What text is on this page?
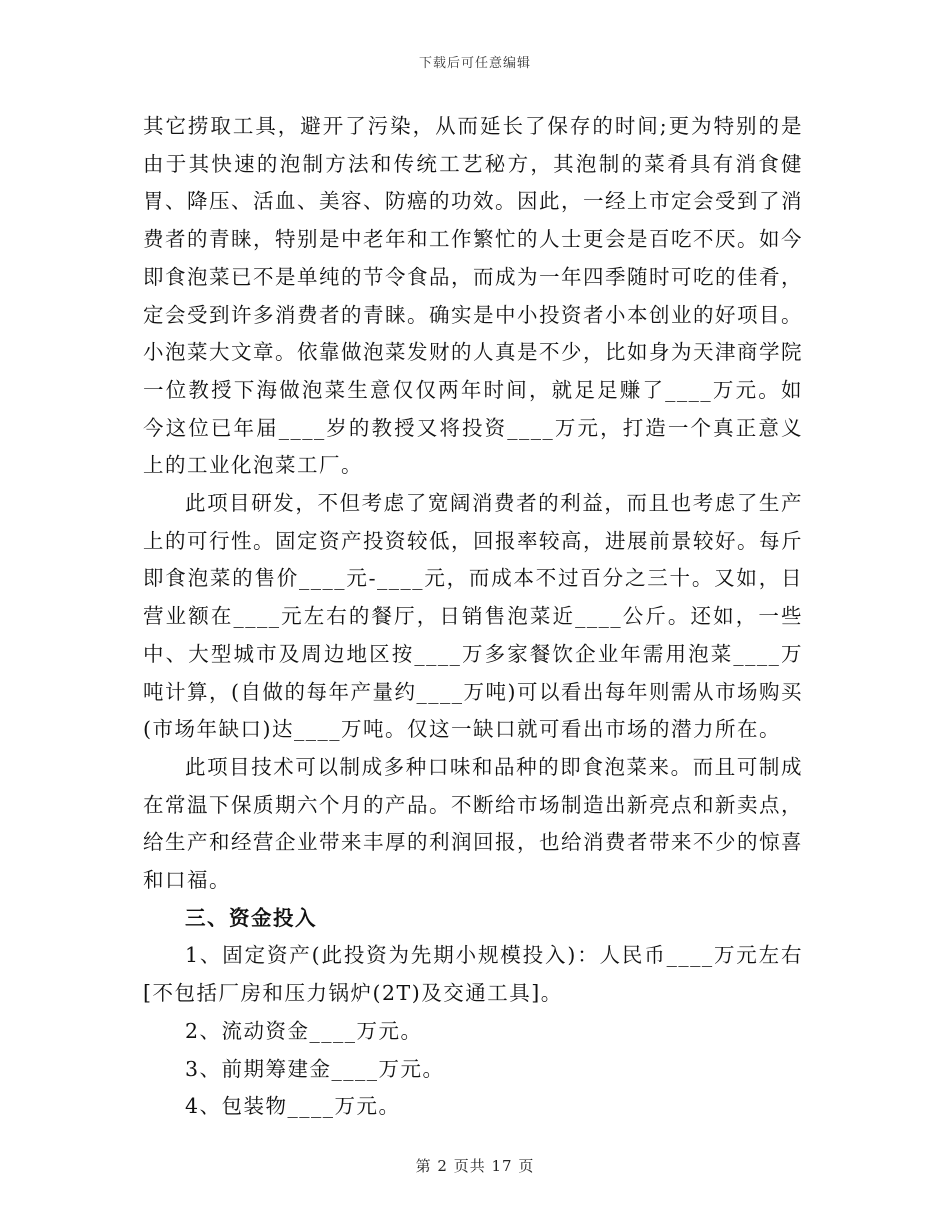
下载后可任意编辑

其它捞取工具，避开了污染，从而延长了保存的时间;更为特别的是由于其快速的泡制方法和传统工艺秘方，其泡制的菜肴具有消食健胃、降压、活血、美容、防癌的功效。因此，一经上市定会受到了消费者的青睐，特别是中老年和工作繁忙的人士更会是百吃不厌。如今即食泡菜已不是单纯的节令食品，而成为一年四季随时可吃的佳肴，定会受到许多消费者的青睐。确实是中小投资者小本创业的好项目。小泡菜大文章。依靠做泡菜发财的人真是不少，比如身为天津商学院一位教授下海做泡菜生意仅仅两年时间，就足足赚了____万元。如今这位已年届____岁的教授又将投资____万元，打造一个真正意义上的工业化泡菜工厂。

此项目研发，不但考虑了宽阔消费者的利益，而且也考虑了生产上的可行性。固定资产投资较低，回报率较高，进展前景较好。每斤即食泡菜的售价____元-____元，而成本不过百分之三十。又如，日营业额在____元左右的餐厅，日销售泡菜近____公斤。还如，一些中、大型城市及周边地区按____万多家餐饮企业年需用泡菜____万吨计算，(自做的每年产量约____万吨)可以看出每年则需从市场购买(市场年缺口)达____万吨。仅这一缺口就可看出市场的潜力所在。

此项目技术可以制成多种口味和品种的即食泡菜来。而且可制成在常温下保质期六个月的产品。不断给市场制造出新亮点和新卖点，给生产和经营企业带来丰厚的利润回报，也给消费者带来不少的惊喜和口福。

三、资金投入

1、固定资产(此投资为先期小规模投入)：人民币____万元左右[不包括厂房和压力锅炉(2T)及交通工具]。

2、流动资金____万元。

3、前期筹建金____万元。

4、包装物____万元。

第 2 页共 17 页
